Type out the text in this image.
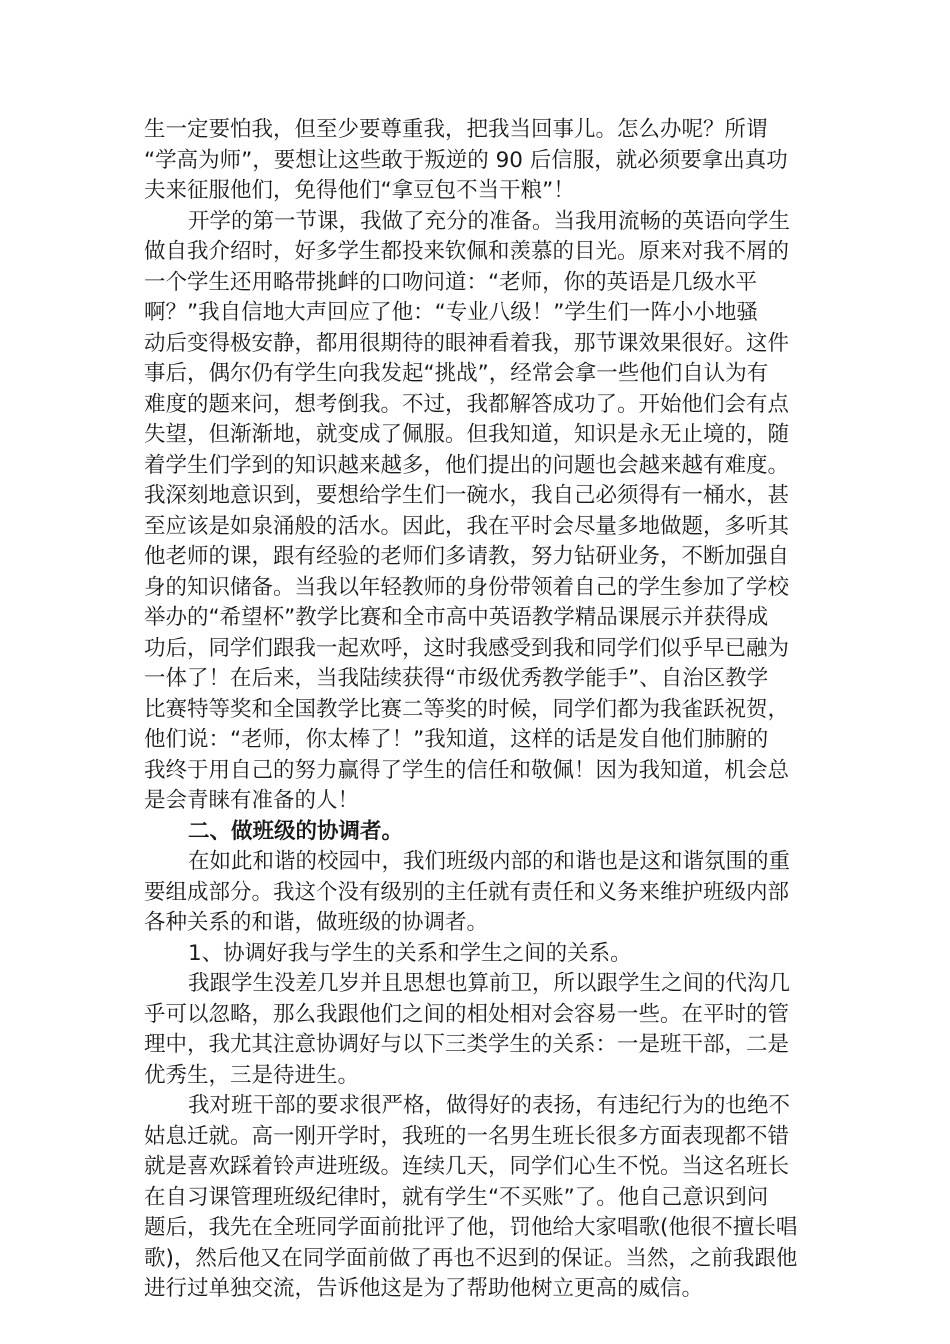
生一定要怕我，但至少要尊重我，把我当回事儿。怎么办呢？所谓
“学高为师”，要想让这些敢于叛逆的 90 后信服，就必须要拿出真功
夫来征服他们，免得他们“拿豆包不当干粮”！
开学的第一节课，我做了充分的准备。当我用流畅的英语向学生
做自我介绍时，好多学生都投来钦佩和羡慕的目光。原来对我不屑的
一个学生还用略带挑衅的口吻问道：“老师，你的英语是几级水平
啊？”我自信地大声回应了他：“专业八级！”学生们一阵小小地骚
动后变得极安静，都用很期待的眼神看着我，那节课效果很好。这件
事后，偶尔仍有学生向我发起“挑战”，经常会拿一些他们自认为有
难度的题来问，想考倒我。不过，我都解答成功了。开始他们会有点
失望，但渐渐地，就变成了佩服。但我知道，知识是永无止境的，随
着学生们学到的知识越来越多，他们提出的问题也会越来越有难度。
我深刻地意识到，要想给学生们一碗水，我自己必须得有一桶水，甚
至应该是如泉涌般的活水。因此，我在平时会尽量多地做题，多听其
他老师的课，跟有经验的老师们多请教，努力钻研业务，不断加强自
身的知识储备。当我以年轻教师的身份带领着自己的学生参加了学校
举办的“希望杯”教学比赛和全市高中英语教学精品课展示并获得成
功后，同学们跟我一起欢呼，这时我感受到我和同学们似乎早已融为
一体了！在后来，当我陆续获得“市级优秀教学能手”、自治区教学
比赛特等奖和全国教学比赛二等奖的时候，同学们都为我雀跃祝贺，
他们说：“老师，你太棒了！”我知道，这样的话是发自他们肺腑的
我终于用自己的努力赢得了学生的信任和敬佩！因为我知道，机会总
是会青睐有准备的人！
二、做班级的协调者。
在如此和谐的校园中，我们班级内部的和谐也是这和谐氛围的重
要组成部分。我这个没有级别的主任就有责任和义务来维护班级内部
各种关系的和谐，做班级的协调者。
1、协调好我与学生的关系和学生之间的关系。
我跟学生没差几岁并且思想也算前卫，所以跟学生之间的代沟几
乎可以忽略，那么我跟他们之间的相处相对会容易一些。在平时的管
理中，我尤其注意协调好与以下三类学生的关系：一是班干部，二是
优秀生，三是待进生。
我对班干部的要求很严格，做得好的表扬，有违纪行为的也绝不
姑息迁就。高一刚开学时，我班的一名男生班长很多方面表现都不错
就是喜欢踩着铃声进班级。连续几天，同学们心生不悦。当这名班长
在自习课管理班级纪律时，就有学生“不买账”了。他自己意识到问
题后，我先在全班同学面前批评了他，罚他给大家唱歌(他很不擅长唱
歌)，然后他又在同学面前做了再也不迟到的保证。当然，之前我跟他
进行过单独交流，告诉他这是为了帮助他树立更高的威信。
